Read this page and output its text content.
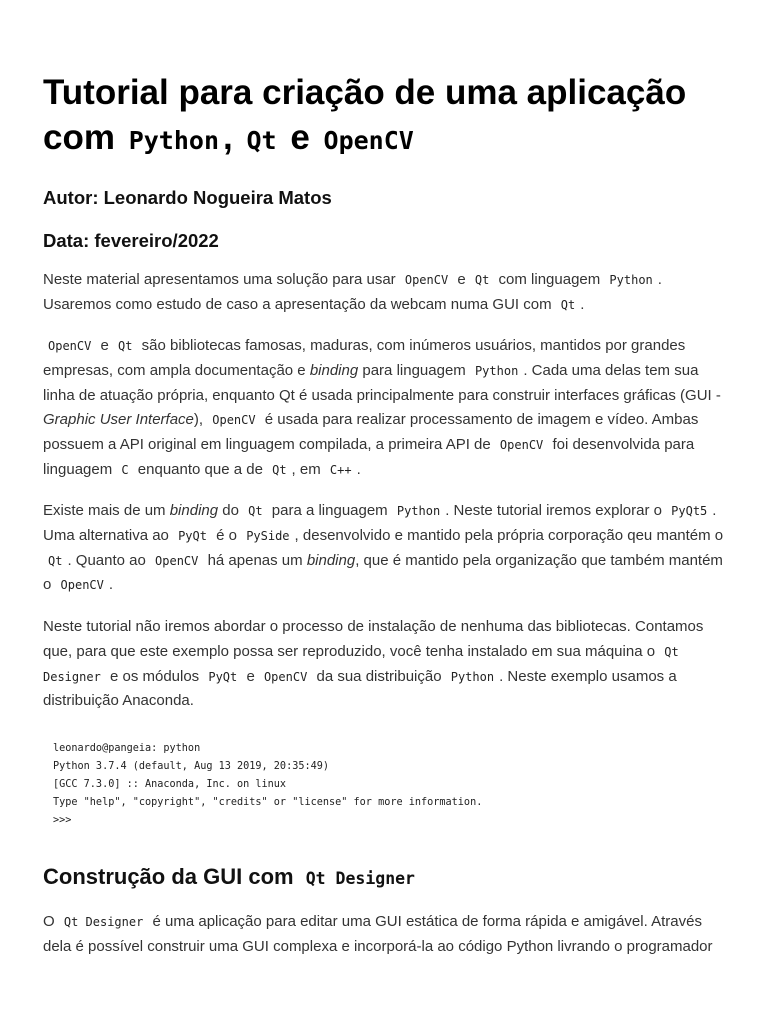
Tutorial para criação de uma aplicação com Python , Qt e OpenCV
Autor: Leonardo Nogueira Matos
Data: fevereiro/2022

Neste material apresentamos uma solução para usar OpenCV e Qt com linguagem Python . Usaremos como estudo de caso a apresentação da webcam numa GUI com Qt .

OpenCV e Qt são bibliotecas famosas, maduras, com inúmeros usuários, mantidos por grandes empresas, com ampla documentação e binding para linguagem Python . Cada uma delas tem sua linha de atuação própria, enquanto Qt é usada principalmente para construir interfaces gráficas (GUI - Graphic User Interface), OpenCV é usada para realizar processamento de imagem e vídeo. Ambas possuem a API original em linguagem compilada, a primeira API de OpenCV foi desenvolvida para linguagem C enquanto que a de Qt , em C++ .

Existe mais de um binding do Qt para a linguagem Python . Neste tutorial iremos explorar o PyQt5 . Uma alternativa ao PyQt é o PySide , desenvolvido e mantido pela própria corporação qeu mantém o Qt . Quanto ao OpenCV há apenas um binding, que é mantido pela organização que também mantém o OpenCV .

Neste tutorial não iremos abordar o processo de instalação de nenhuma das bibliotecas. Contamos que, para que este exemplo possa ser reproduzido, você tenha instalado em sua máquina o Qt Designer e os módulos PyQt e OpenCV da sua distribuição Python . Neste exemplo usamos a distribuição Anaconda.

leonardo@pangeia: python
Python 3.7.4 (default, Aug 13 2019, 20:35:49)
[GCC 7.3.0] :: Anaconda, Inc. on linux
Type "help", "copyright", "credits" or "license" for more information.
>>>
Construção da GUI com Qt Designer

O Qt Designer é uma aplicação para editar uma GUI estática de forma rápida e amigável. Através dela é possível construir uma GUI complexa e incorporá-la ao código Python livrando o programador
